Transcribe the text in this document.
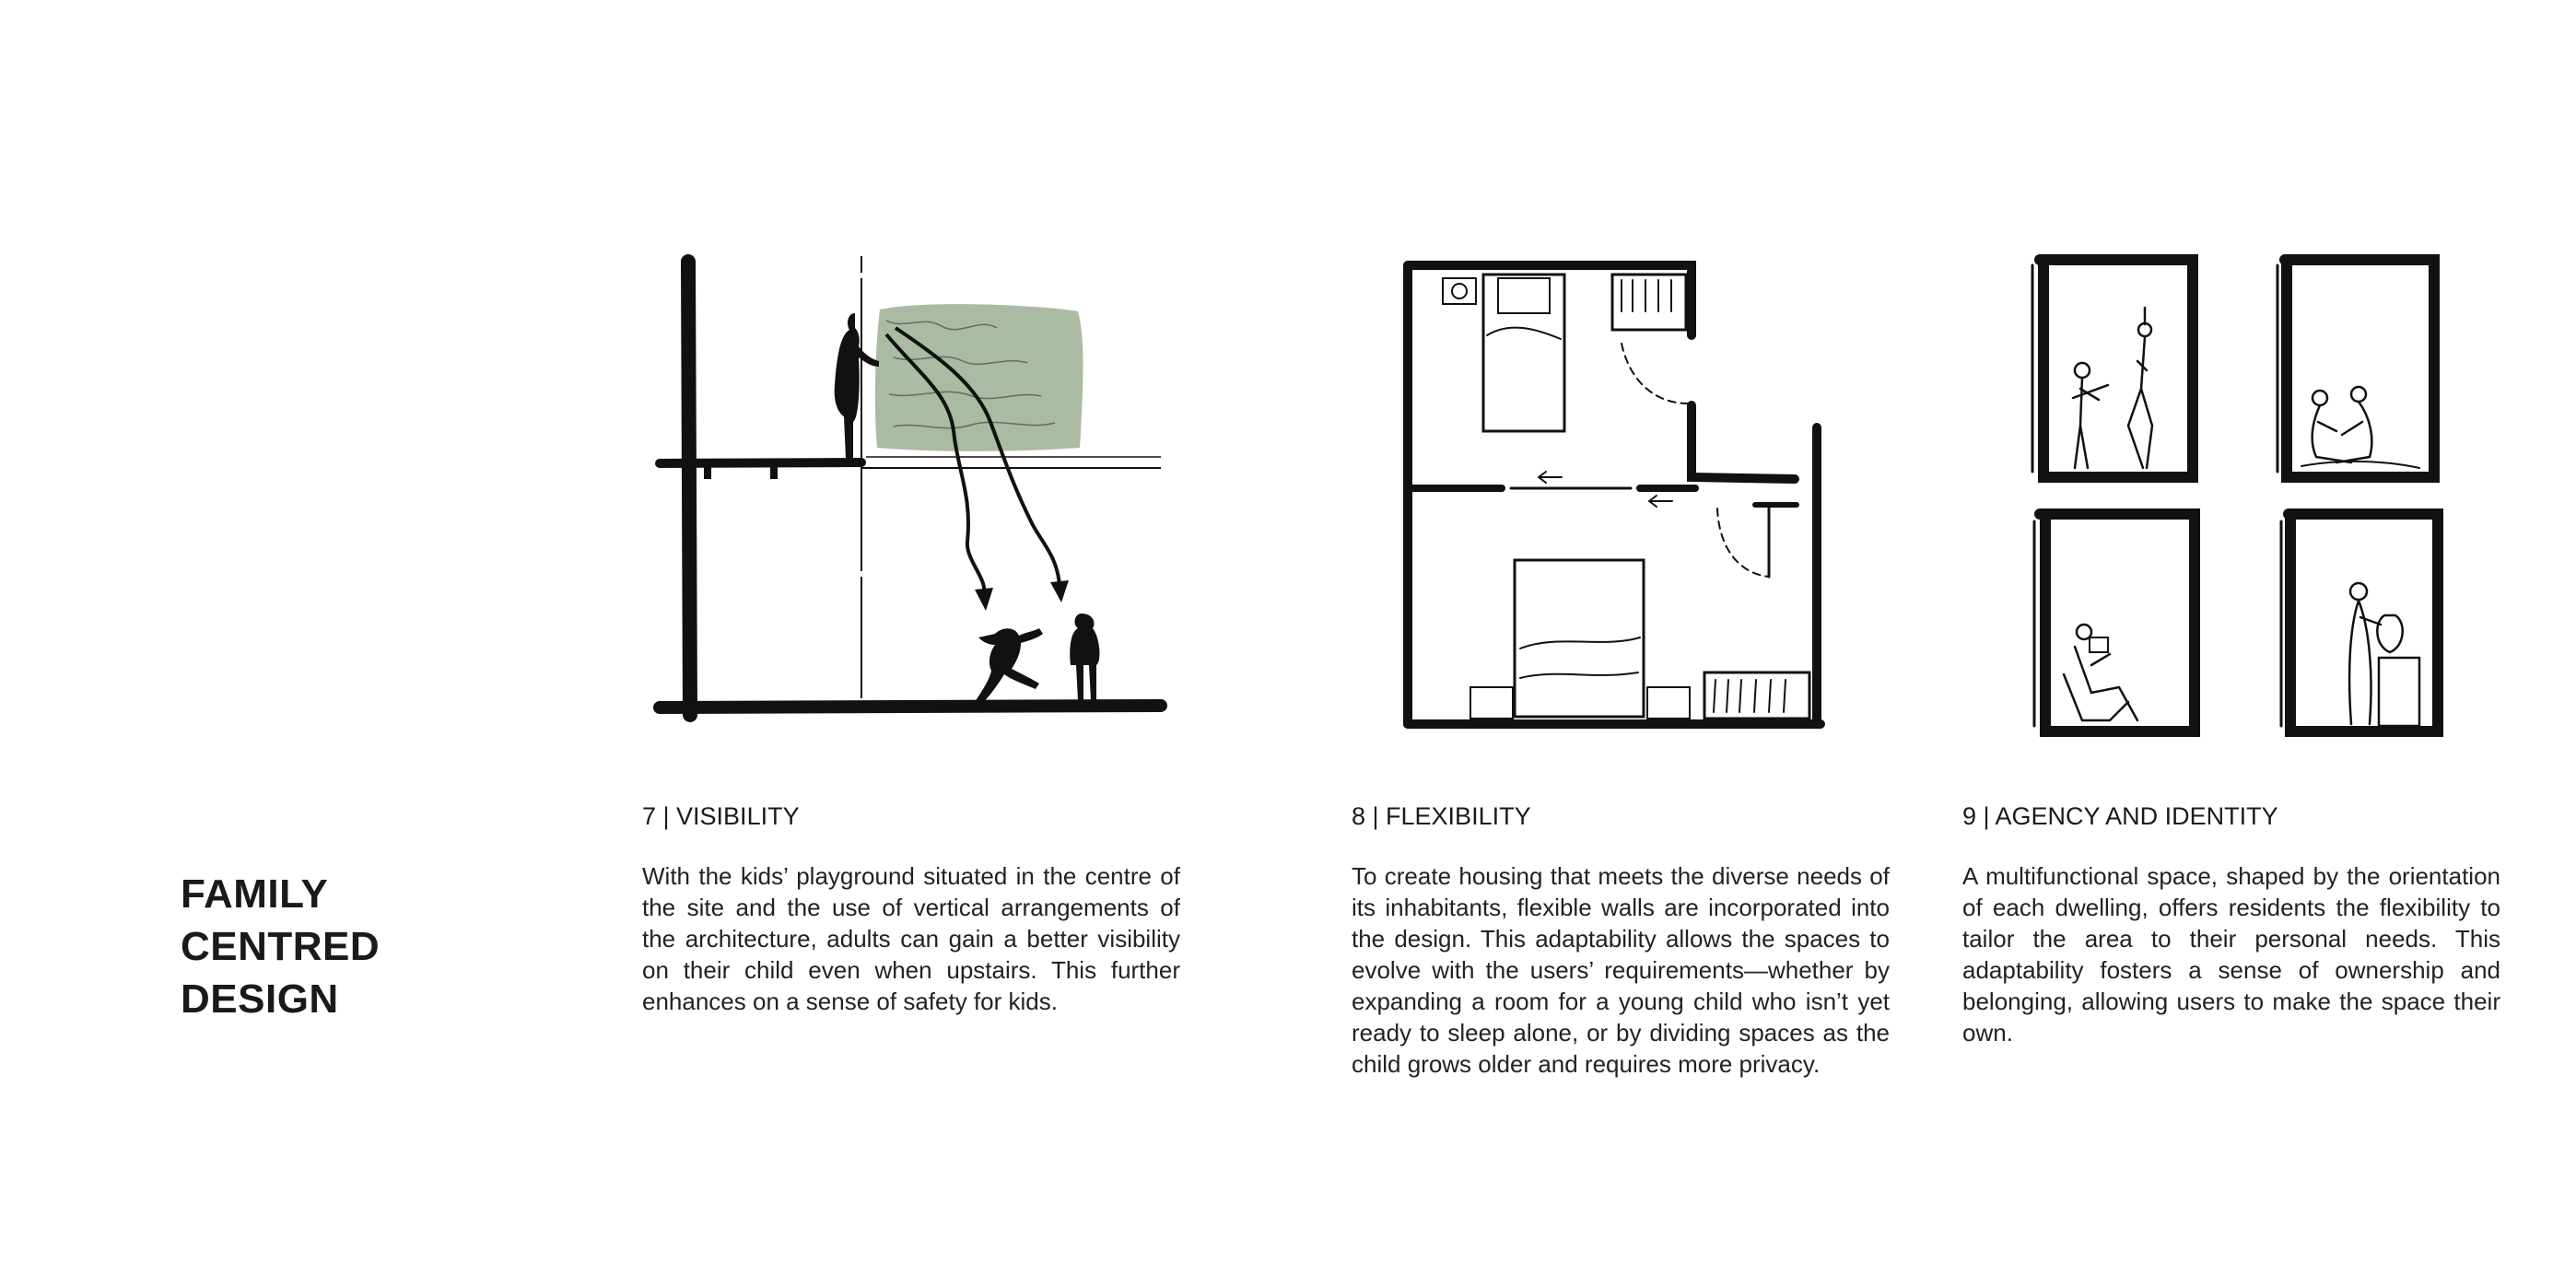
FAMILY
CENTRED
DESIGN
7 | VISIBILITY
With the kids’ playground situated in the centre of the site and the use of vertical arrangements of the architecture, adults can gain a better visibility on their child even when upstairs. This further enhances on a sense of safety for kids.
8 | FLEXIBILITY
To create housing that meets the diverse needs of its inhabitants, flexible walls are incorporated into the design. This adaptability allows the spaces to evolve with the users’ requirements—whether by expanding a room for a young child who isn’t yet ready to sleep alone, or by dividing spaces as the child grows older and requires more privacy.
9 | AGENCY AND IDENTITY
A multifunctional space, shaped by the orientation of each dwelling, offers residents the flexibility to tailor the area to their personal needs. This adaptability fosters a sense of ownership and belonging, allowing users to make the space their own.
